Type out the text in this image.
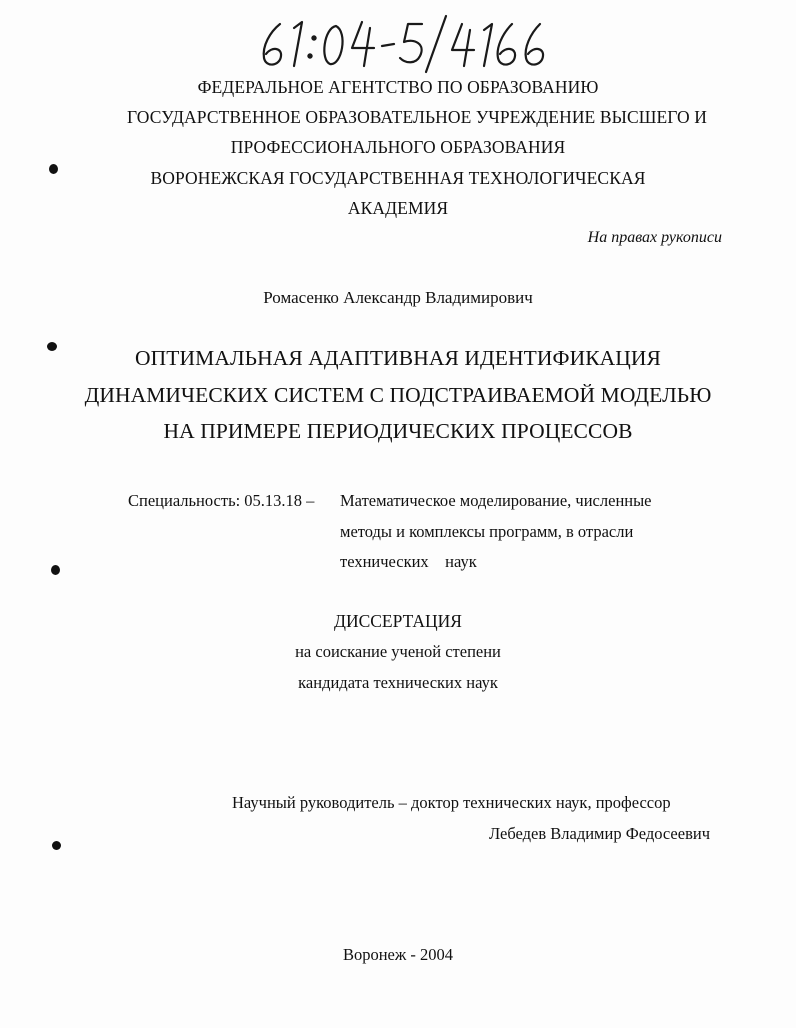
ФЕДЕРАЛЬНОЕ АГЕНТСТВО ПО ОБРАЗОВАНИЮ
ГОСУДАРСТВЕННОЕ ОБРАЗОВАТЕЛЬНОЕ УЧРЕЖДЕНИЕ ВЫСШЕГО И
ПРОФЕССИОНАЛЬНОГО ОБРАЗОВАНИЯ
ВОРОНЕЖСКАЯ ГОСУДАРСТВЕННАЯ ТЕХНОЛОГИЧЕСКАЯ
АКАДЕМИЯ
На правах рукописи
Ромасенко Александр Владимирович
ОПТИМАЛЬНАЯ АДАПТИВНАЯ ИДЕНТИФИКАЦИЯ
ДИНАМИЧЕСКИХ СИСТЕМ С ПОДСТРАИВАЕМОЙ МОДЕЛЬЮ
НА ПРИМЕРЕ ПЕРИОДИЧЕСКИХ ПРОЦЕССОВ
Специальность: 05.13.18 – Математическое моделирование, численные
методы и комплексы программ, в отрасли
технических    наук
ДИССЕРТАЦИЯ
на соискание ученой степени
кандидата технических наук
Научный руководитель – доктор технических наук, профессор
Лебедев Владимир Федосеевич
Воронеж - 2004
